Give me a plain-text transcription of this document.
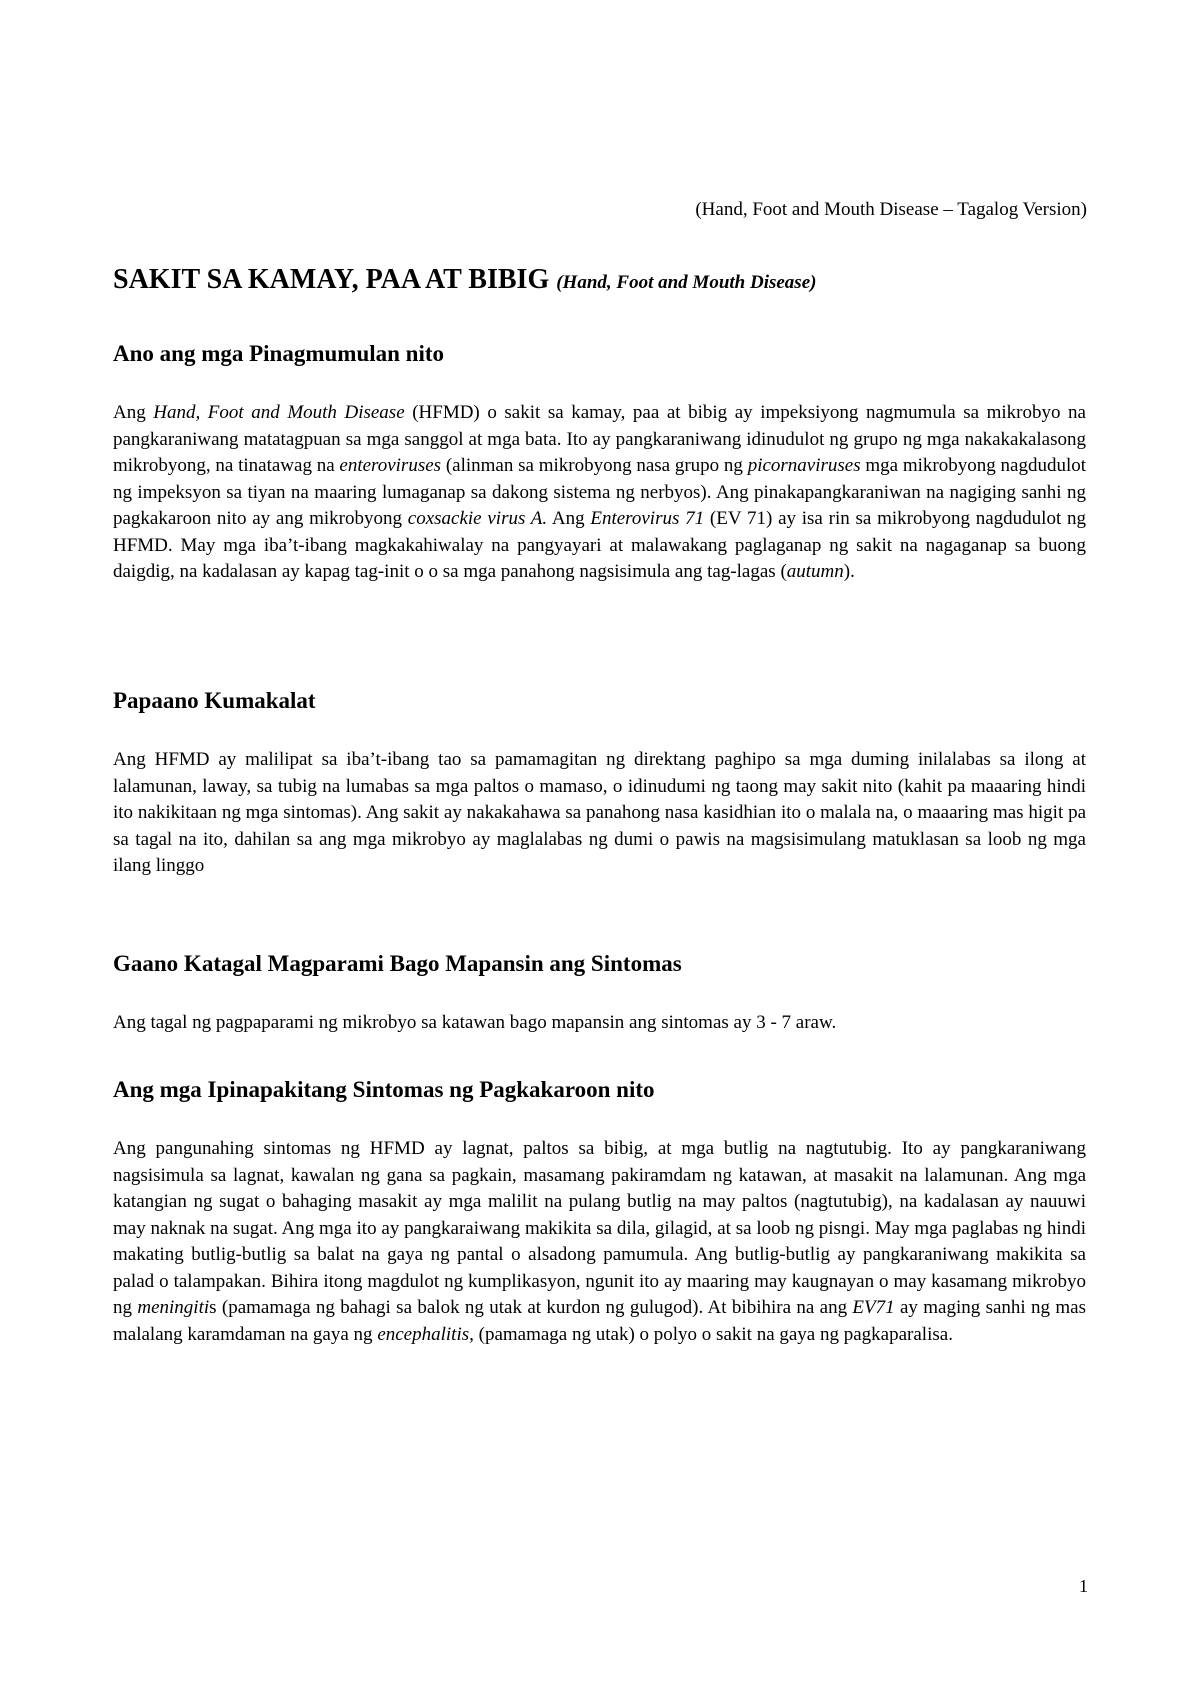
(Hand, Foot and Mouth Disease – Tagalog Version)

SAKIT SA KAMAY, PAA AT BIBIG (Hand, Foot and Mouth Disease)
Ano ang mga Pinagmumulan nito

Ang Hand, Foot and Mouth Disease (HFMD) o sakit sa kamay, paa at bibig ay impeksiyong nagmumula sa mikrobyo na pangkaraniwang matatagpuan sa mga sanggol at mga bata. Ito ay pangkaraniwang idinudulot ng grupo ng mga nakakakalasong mikrobyong, na tinatawag na enteroviruses (alinman sa mikrobyong nasa grupo ng picornaviruses mga mikrobyong nagdudulot ng impeksyon sa tiyan na maaring lumaganap sa dakong sistema ng nerbyos). Ang pinakapangkaraniwan na nagiging sanhi ng pagkakaroon nito ay ang mikrobyong coxsackie virus A. Ang Enterovirus 71 (EV 71) ay isa rin sa mikrobyong nagdudulot ng HFMD. May mga iba’t-ibang magkakahiwalay na pangyayari at malawakang paglaganap ng sakit na nagaganap sa buong daigdig, na kadalasan ay kapag tag-init o o sa mga panahong nagsisimula ang tag-lagas (autumn).

Papaano Kumakalat

Ang HFMD ay malilipat sa iba’t-ibang tao sa pamamagitan ng direktang paghipo sa mga duming inilalabas sa ilong at lalamunan, laway, sa tubig na lumabas sa mga paltos o mamaso, o idinudumi ng taong may sakit nito (kahit pa maaaring hindi ito nakikitaan ng mga sintomas). Ang sakit ay nakakahawa sa panahong nasa kasidhian ito o malala na, o maaaring mas higit pa sa tagal na ito, dahilan sa ang mga mikrobyo ay maglalabas ng dumi o pawis na magsisimulang matuklasan sa loob ng mga ilang linggo

Gaano Katagal Magparami Bago Mapansin ang Sintomas

Ang tagal ng pagpaparami ng mikrobyo sa katawan bago mapansin ang sintomas ay 3 - 7 araw.

Ang mga Ipinapakitang Sintomas ng Pagkakaroon nito

Ang pangunahing sintomas ng HFMD ay lagnat, paltos sa bibig, at mga butlig na nagtutubig. Ito ay pangkaraniwang nagsisimula sa lagnat, kawalan ng gana sa pagkain, masamang pakiramdam ng katawan, at masakit na lalamunan. Ang mga katangian ng sugat o bahaging masakit ay mga malilit na pulang butlig na may paltos (nagtutubig), na kadalasan ay nauuwi may naknak na sugat. Ang mga ito ay pangkaraiwang makikita sa dila, gilagid, at sa loob ng pisngi. May mga paglabas ng hindi makating butlig-butlig sa balat na gaya ng pantal o alsadong pamumula. Ang butlig-butlig ay pangkaraniwang makikita sa palad o talampakan. Bihira itong magdulot ng kumplikasyon, ngunit ito ay maaring may kaugnayan o may kasamang mikrobyo ng meningitis (pamamaga ng bahagi sa balok ng utak at kurdon ng gulugod). At bibihira na ang EV71 ay maging sanhi ng mas malalang karamdaman na gaya ng encephalitis, (pamamaga ng utak) o polyo o sakit na gaya ng pagkaparalisa.

1
